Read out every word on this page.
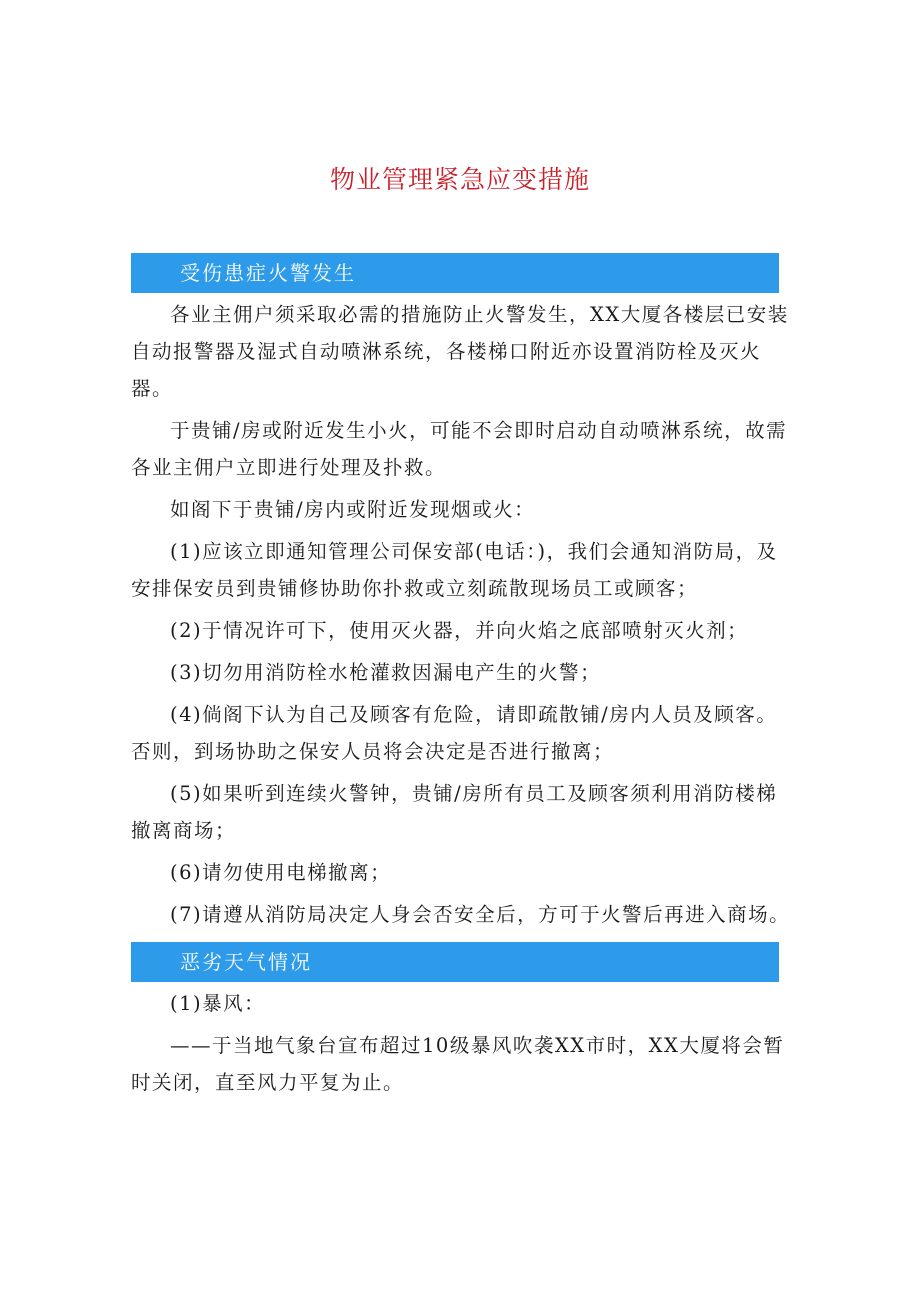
物业管理紧急应变措施
受伤患症火警发生

各业主佣户须采取必需的措施防止火警发生，XX大厦各楼层已安装自动报警器及湿式自动喷淋系统，各楼梯口附近亦设置消防栓及灭火器。

于贵铺/房或附近发生小火，可能不会即时启动自动喷淋系统，故需各业主佣户立即进行处理及扑救。

如阁下于贵铺/房内或附近发现烟或火：

(1)应该立即通知管理公司保安部(电话：)，我们会通知消防局，及安排保安员到贵铺修协助你扑救或立刻疏散现场员工或顾客；

(2)于情况许可下，使用灭火器，并向火焰之底部喷射灭火剂；

(3)切勿用消防栓水枪灌救因漏电产生的火警；

(4)倘阁下认为自己及顾客有危险，请即疏散铺/房内人员及顾客。否则，到场协助之保安人员将会决定是否进行撤离；

(5)如果听到连续火警钟，贵铺/房所有员工及顾客须利用消防楼梯撤离商场；

(6)请勿使用电梯撤离；

(7)请遵从消防局决定人身会否安全后，方可于火警后再进入商场。

恶劣天气情况

(1)暴风：

——于当地气象台宣布超过10级暴风吹袭XX市时，XX大厦将会暂时关闭，直至风力平复为止。
